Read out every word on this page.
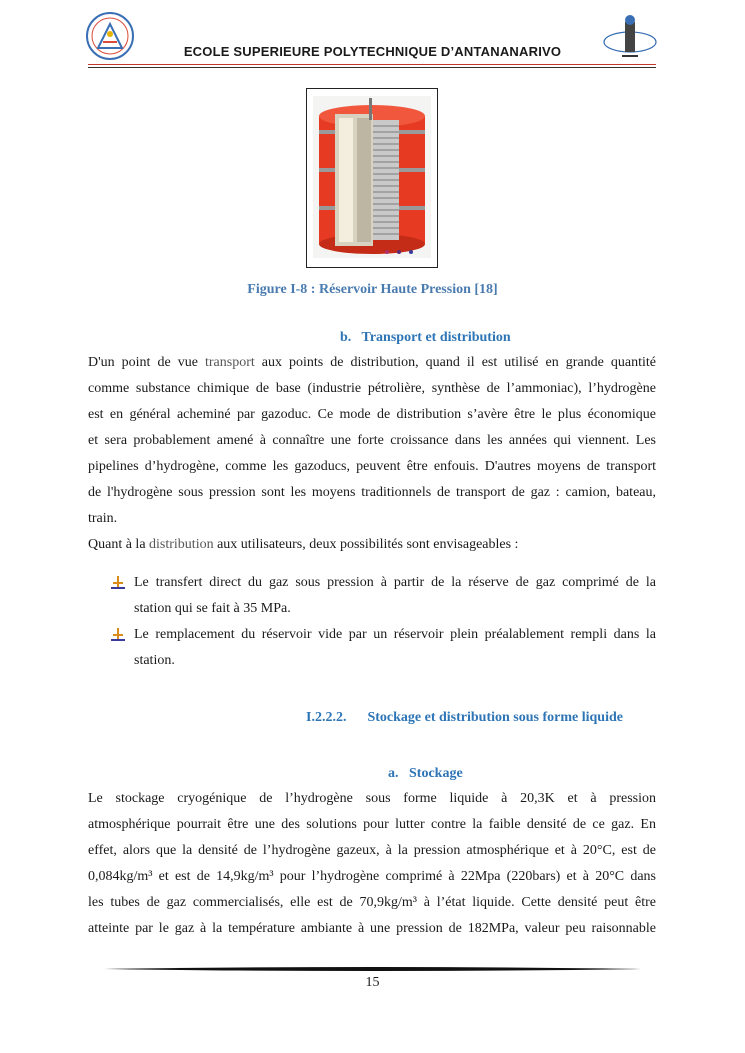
ECOLE SUPERIEURE POLYTECHNIQUE D’ANTANANARIVO
Figure I-8 : Réservoir Haute Pression [18]
b. Transport et distribution
D'un point de vue transport aux points de distribution, quand il est utilisé en grande quantité
comme substance chimique de base (industrie pétrolière, synthèse de l’ammoniac), l’hydrogène
est en général acheminé par gazoduc. Ce mode de distribution s’avère être le plus économique
et sera probablement amené à connaître une forte croissance dans les années qui viennent. Les
pipelines d’hydrogène, comme les gazoducs, peuvent être enfouis. D'autres moyens de transport
de l'hydrogène sous pression sont les moyens traditionnels de transport de gaz : camion, bateau,
train.
Quant à la distribution aux utilisateurs, deux possibilités sont envisageables :
Le transfert direct du gaz sous pression à partir de la réserve de gaz comprimé de la
station qui se fait à 35 MPa.
Le remplacement du réservoir vide par un réservoir plein préalablement rempli dans la
station.
I.2.2.2. Stockage et distribution sous forme liquide
a. Stockage
Le stockage cryogénique de l’hydrogène sous forme liquide à 20,3K et à pression
atmosphérique pourrait être une des solutions pour lutter contre la faible densité de ce gaz. En
effet, alors que la densité de l’hydrogène gazeux, à la pression atmosphérique et à 20°C, est de
0,084kg/m³ et est de 14,9kg/m³ pour l’hydrogène comprimé à 22Mpa (220bars) et à 20°C dans
les tubes de gaz commercialisés, elle est de 70,9kg/m³ à l’état liquide. Cette densité peut être
atteinte par le gaz à la température ambiante à une pression de 182MPa, valeur peu raisonnable
15
